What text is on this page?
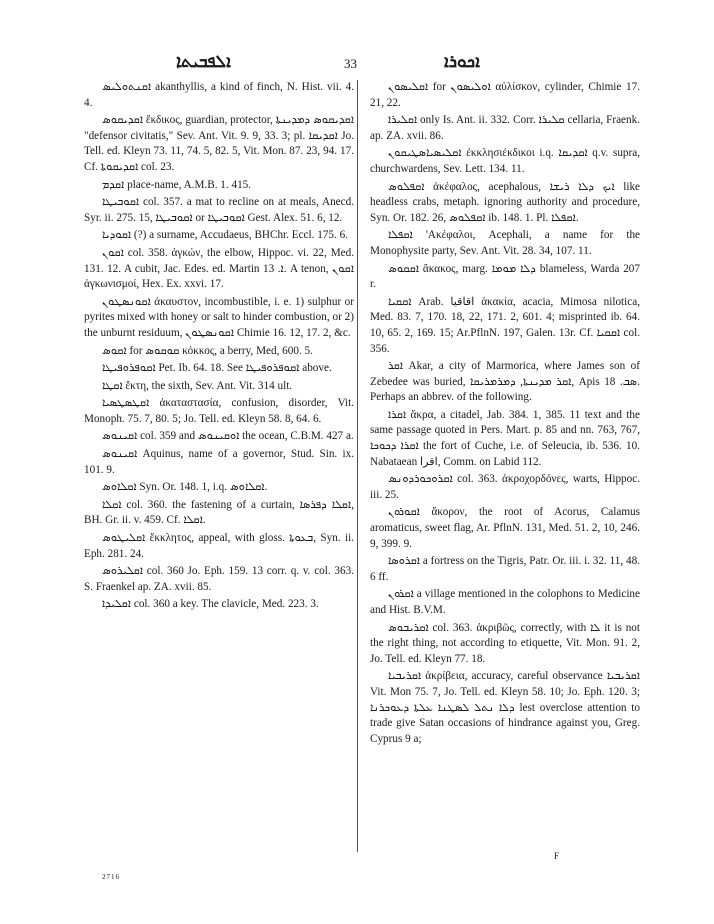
ܐܠܦܒܝܬܐ	33	ܐܟܘܪܐ

ܐܩܢܬܘܠܝܣ akanthyllis, a kind of finch, N. Hist. vii. 4. 4.

ܐܩܕܝܩܘܣ ἔκδικος, guardian, protector, ܐܩܕܝܩܘܣ ܕܡܕܝܢܬܐ "defensor civitatis," Sev. Ant. Vit. 9. 9, 33. 3; pl. ܐܩܕܝܩܐ Jo. Tell. ed. Kleyn 73. 11, 74. 5, 82. 5, Vit. Mon. 87. 23, 94. 17. Cf. ܐܩܕܝܩܘܬܐ col. 23.

ܐܩܕܡ place-name, A.M.B. 1. 415.

ܐܩܘܒܝܛܐ col. 357. a mat to recline on at meals, Anecd. Syr. ii. 275. 15, ܐܩܘܒܝܛܐ or ܐܩܘܒܝܛܐ Gest. Alex. 51. 6, 12.

ܐܩܘܕܝܐ (?) a surname, Accudaeus, BHChr. Eccl. 175. 6.

ܐܩܘܢ col. 358. ἀγκών, the elbow, Hippoc. vi. 22, Med. 131. 12. A cubit, Jac. Edes. ed. Martin ܐ. 13. A tenon, ܐܩܘܢ ἀγκωνισμοί, Hex. Ex. xxvi. 17.

ܐܩܘܢܣܛܘܢ ἀκαυστον, incombustible, i. e. 1) sulphur or pyrites mixed with honey or salt to hinder combustion, or 2) the unburnt residuum, ܐܩܘܢܣܛܘܢ Chimie 16. 12, 17. 2, &c.

ܐܩܘܣ for ܩܘܩܘܣ κόκκος, a berry, Med, 600. 5.

ܐܩܘܦܪܘܦܝܛܐ Pet. Ib. 64. 18. See ܐܩܘܦܪܘܦܝܛܐ above.

ܐܩܛܐ ἕκτη, the sixth, Sev. Ant. Vit. 314 ult.

ܐܩܛܣܛܣܝܐ ἀκαταστασία, confusion, disorder, Vit. Monoph. 75. 7, 80. 5; Jo. Tell. ed. Kleyn 58. 8, 64. 6.

ܐܩܝܢܘܣ col. 359 and ܐܘܩܝܢܘܣ the ocean, C.B.M. 427 a.

ܐܩܝܢܘܣ Aquinus, name of a governor, Stud. Sin. ix. 101. 9.

ܐܩܠܐܘܣ Syn. Or. 148. 1, i.q. ܐܩܠܐܘܣ.

ܐܩܠܐ col. 360. the fastening of a curtain, ܐܩܠܐ ܕܦܪܣܐ, BH. Gr. ii. v. 459. Cf. ܐܩܠܐ.

ܐܩܠܝܛܘܣ ἔκκλητος, appeal, with gloss. ܒܥܘܬܐ, Syn. ii. Eph. 281. 24.

ܐܩܠܝܪܘܣ col. 360 Jo. Eph. 159. 13 corr. q. v. col. 363. S. Fraenkel ap. ZA. xvii. 85.

ܐܩܠܝܕܐ col. 360 a key. The clavicle, Med. 223. 3.

ܐܩܠܝܣܘܢ for ܐܘܠܝܣܘܢ αὐλίσκον, cylinder, Chimie 17. 21, 22.

ܐܩܠܝܪܐ only Is. Ant. ii. 332. Corr. ܩܠܝܪܐ cellaria, Fraenk. ap. ZA. xvii. 86.

ܐܩܠܝܣܝܐܣܛܝܩܘܢ ἐκκλησιέκδικοι i.q. ܐܩܕܝܩܐ q.v. supra, churchwardens, Sev. Lett. 134. 11.

ܐܩܦܠܘܣ ἀκέφαλος, acephalous, ܐܝܟ ܕܠܐ ܪܝܫܐ like headless crabs, metaph. ignoring authority and procedure, Syn. Or. 182. 26, ܐܩܦܠܘܣ ib. 148. 1. Pl. ܐܩܦܠܐ.

ܐܩܦܠܐ 'Ακέφαλοι, Acephali, a name for the Monophysite party, Sev. Ant. Vit. 28. 34, 107. 11.

ܐܩܩܘܣ ἄκακος, marg. ܕܠܐ ܡܘܡܐ blameless, Warda 207 r.

ܐܩܩܝܐ Arab. اقاقيا ἀκακία, acacia, Mimosa nilotica, Med. 83. 7, 170. 18, 22, 171. 2, 601. 4; misprinted ib. 64. 10, 65. 2, 169. 15; Ar.PflnN. 197, Galen. 13r. Cf. ܐܩܩܝܐ col. 356.

ܐܩܪ Akar, a city of Marmorica, where James son of Zebedee was buried, ܐܩܪ ܡܕܝܢܬܐ, ܕܡܪܡܪܝܩܐ, Apis ܣܒ. 18. Perhaps an abbrev. of the following.

ܐܩܪܐ ἄκρα, a citadel, Jab. 384. 1, 385. 11 text and the same passage quoted in Pers. Mart. p. 85 and nn. 763, 767, ܐܩܪܐ ܕܟܘܟܐ the fort of Cuche, i.e. of Seleucia, ib. 536. 10. Nabataean اقرا, Comm. on Labid 112.

ܐܩܪܘܟܘܪܕܘܢܣ col. 363. ἀκροχορδόνες, warts, Hippoc. iii. 25.

ܐܩܘܪܘܢ ἄκορον, the root of Acorus, Calamus aromaticus, sweet flag, Ar. PflnN. 131, Med. 51. 2, 10, 246. 9, 399. 9.

ܐܩܪܘܣܐ a fortress on the Tigris, Patr. Or. iii. i. 32. 11, 48. 6 ff.

ܐܩܪܘܢ a village mentioned in the colophons to Medicine and Hist. B.V.M.

ܐܩܪܝܒܘܣ col. 363. ἀκριβῶς, correctly, with ܠܐ it is not the right thing, not according to etiquette, Vit. Mon. 91. 2, Jo. Tell. ed. Kleyn 77. 18.

ܐܩܪܝܒܝܐ ἀκρίβεια, accuracy, careful observance ܐܩܪܝܒܝܐ Vit. Mon 75. 7, Jo. Tell. ed. Kleyn 58. 10; Jo. Eph. 120. 3; ܕܠܐ ܢܬܠ ܠܣܛܢܐ ܥܠܬܐ ܕܥܘܟܪܢܐ lest overclose attention to trade give Satan occasions of hindrance against you, Greg. Cyprus 9 a;

2716
F
